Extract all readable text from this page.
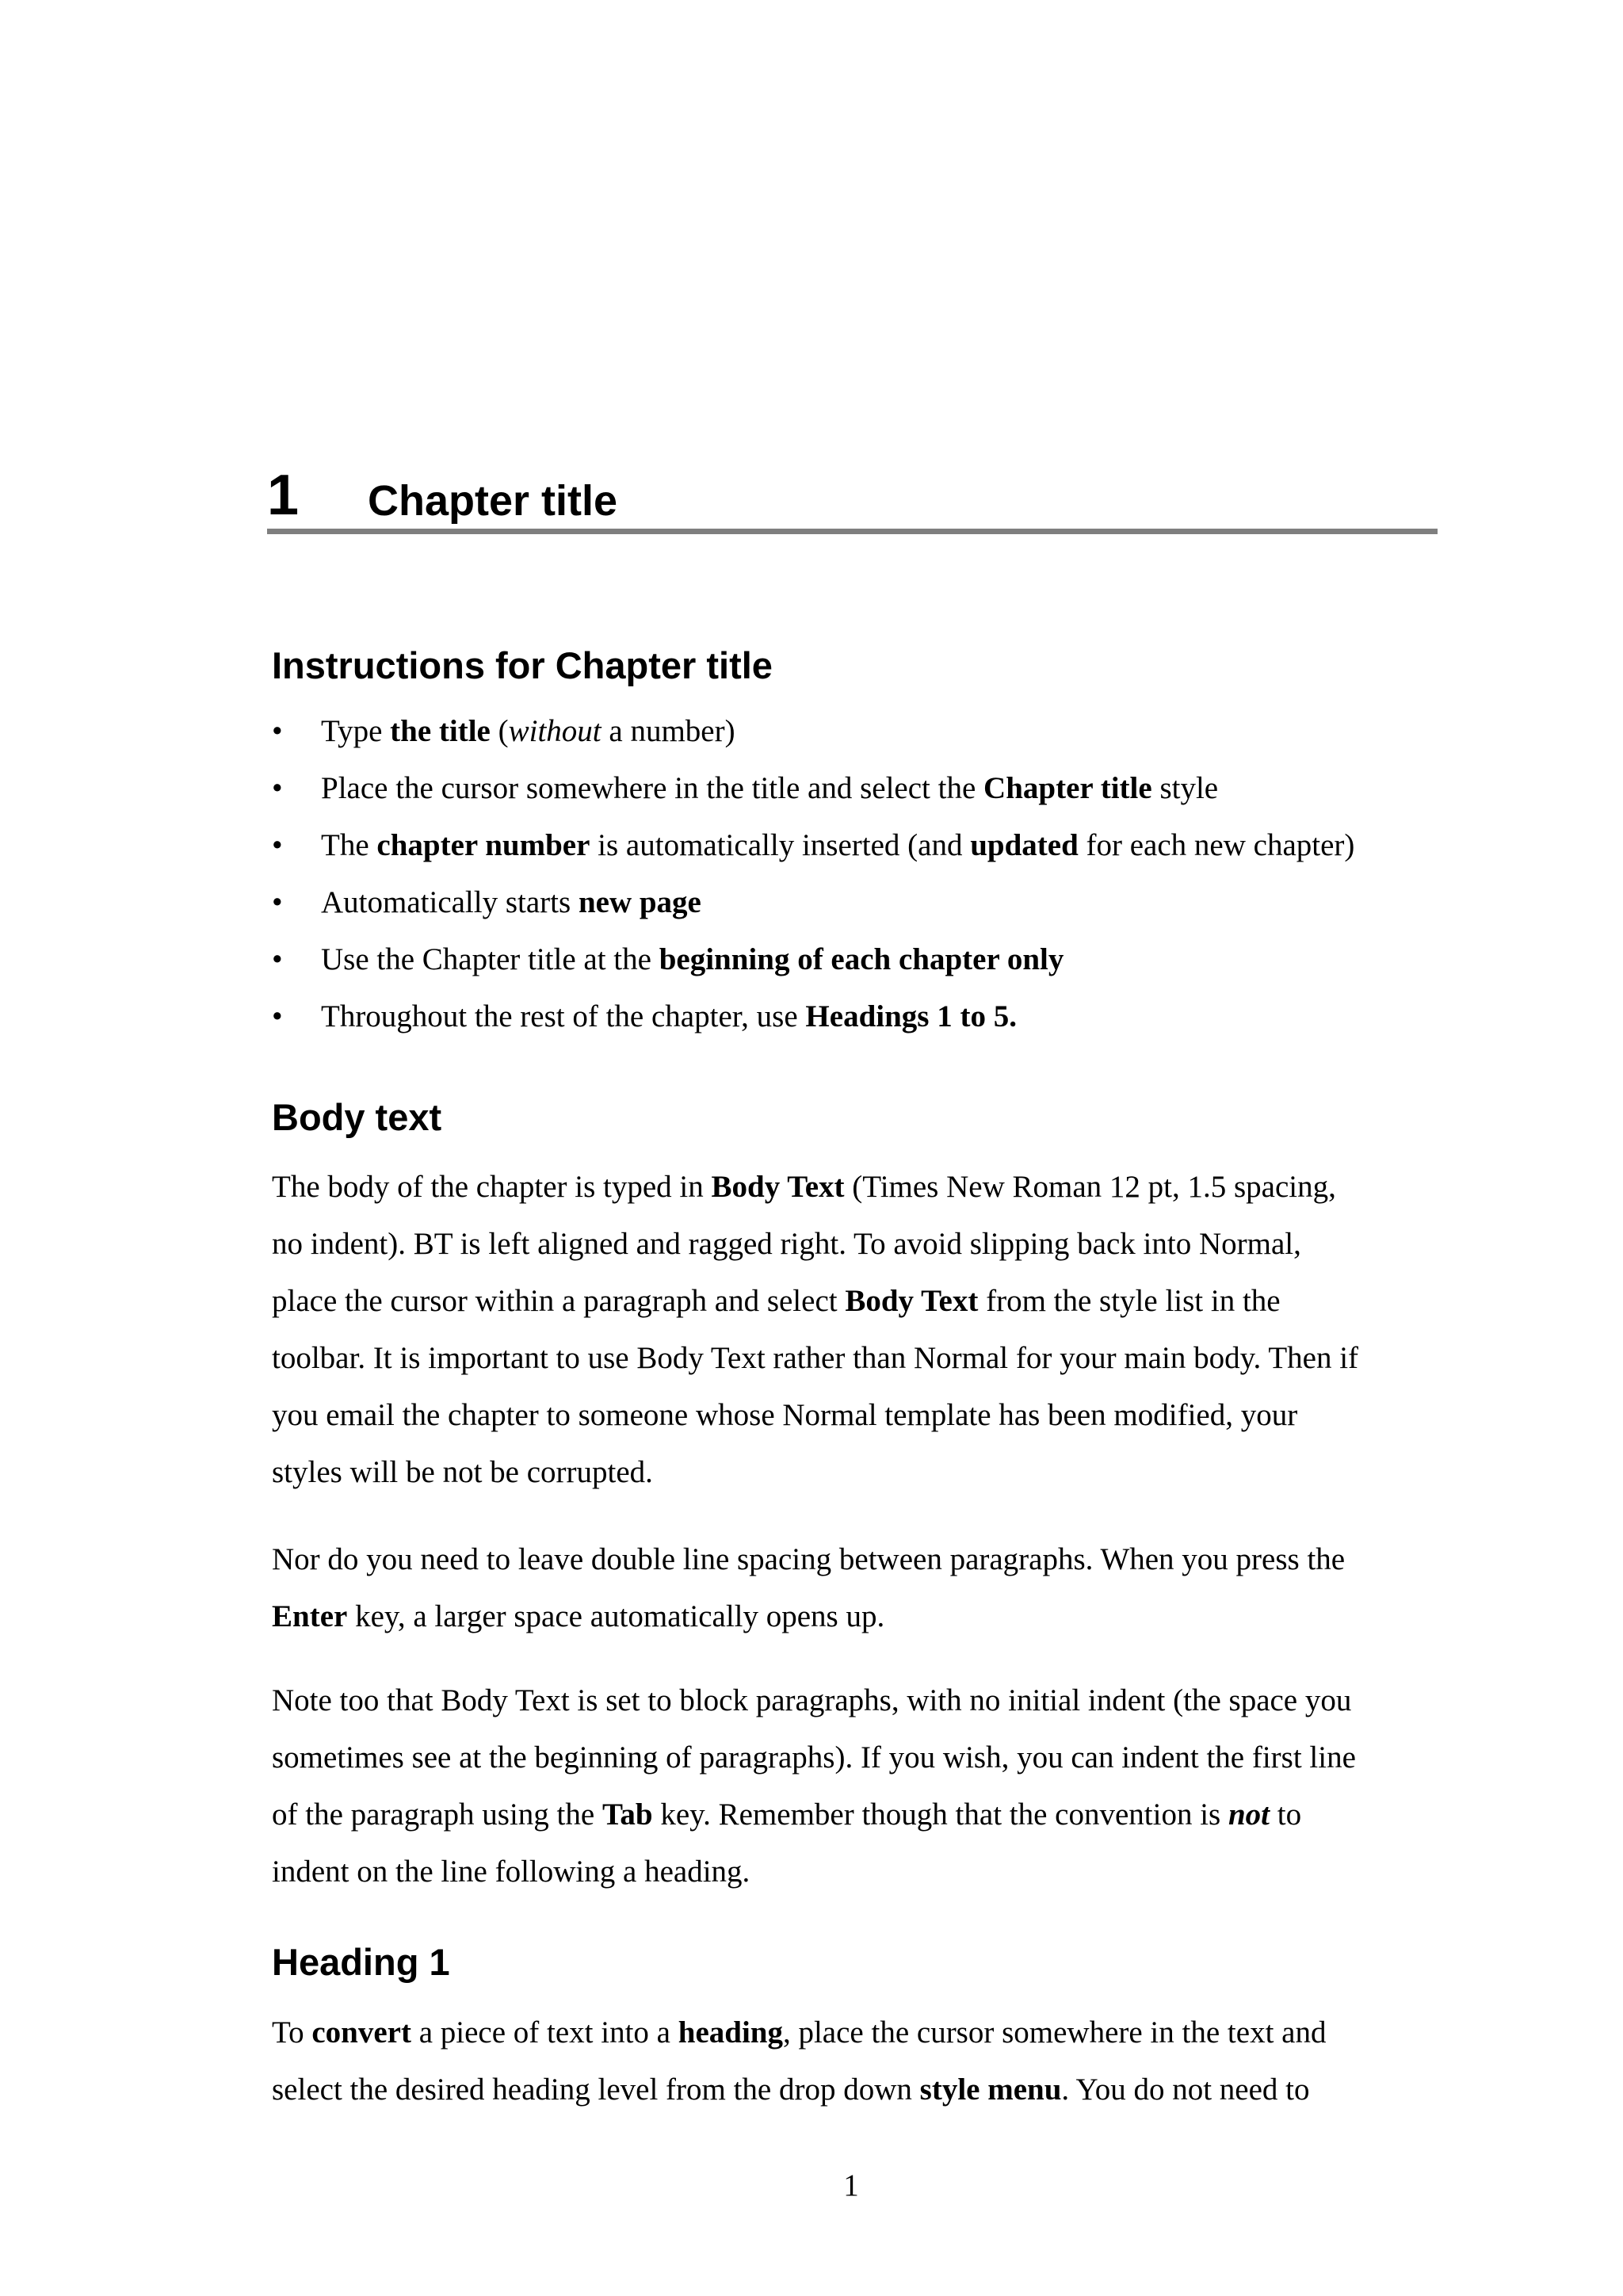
1 Chapter title
Instructions for Chapter title
• Type the title (without a number)
• Place the cursor somewhere in the title and select the Chapter title style
• The chapter number is automatically inserted (and updated for each new chapter)
• Automatically starts new page
• Use the Chapter title at the beginning of each chapter only
• Throughout the rest of the chapter, use Headings 1 to 5.
Body text
The body of the chapter is typed in Body Text (Times New Roman 12 pt, 1.5 spacing,
no indent). BT is left aligned and ragged right. To avoid slipping back into Normal,
place the cursor within a paragraph and select Body Text from the style list in the
toolbar. It is important to use Body Text rather than Normal for your main body. Then if
you email the chapter to someone whose Normal template has been modified, your
styles will be not be corrupted.
Nor do you need to leave double line spacing between paragraphs. When you press the
Enter key, a larger space automatically opens up.
Note too that Body Text is set to block paragraphs, with no initial indent (the space you
sometimes see at the beginning of paragraphs). If you wish, you can indent the first line
of the paragraph using the Tab key. Remember though that the convention is not to
indent on the line following a heading.
Heading 1
To convert a piece of text into a heading, place the cursor somewhere in the text and
select the desired heading level from the drop down style menu. You do not need to
1
